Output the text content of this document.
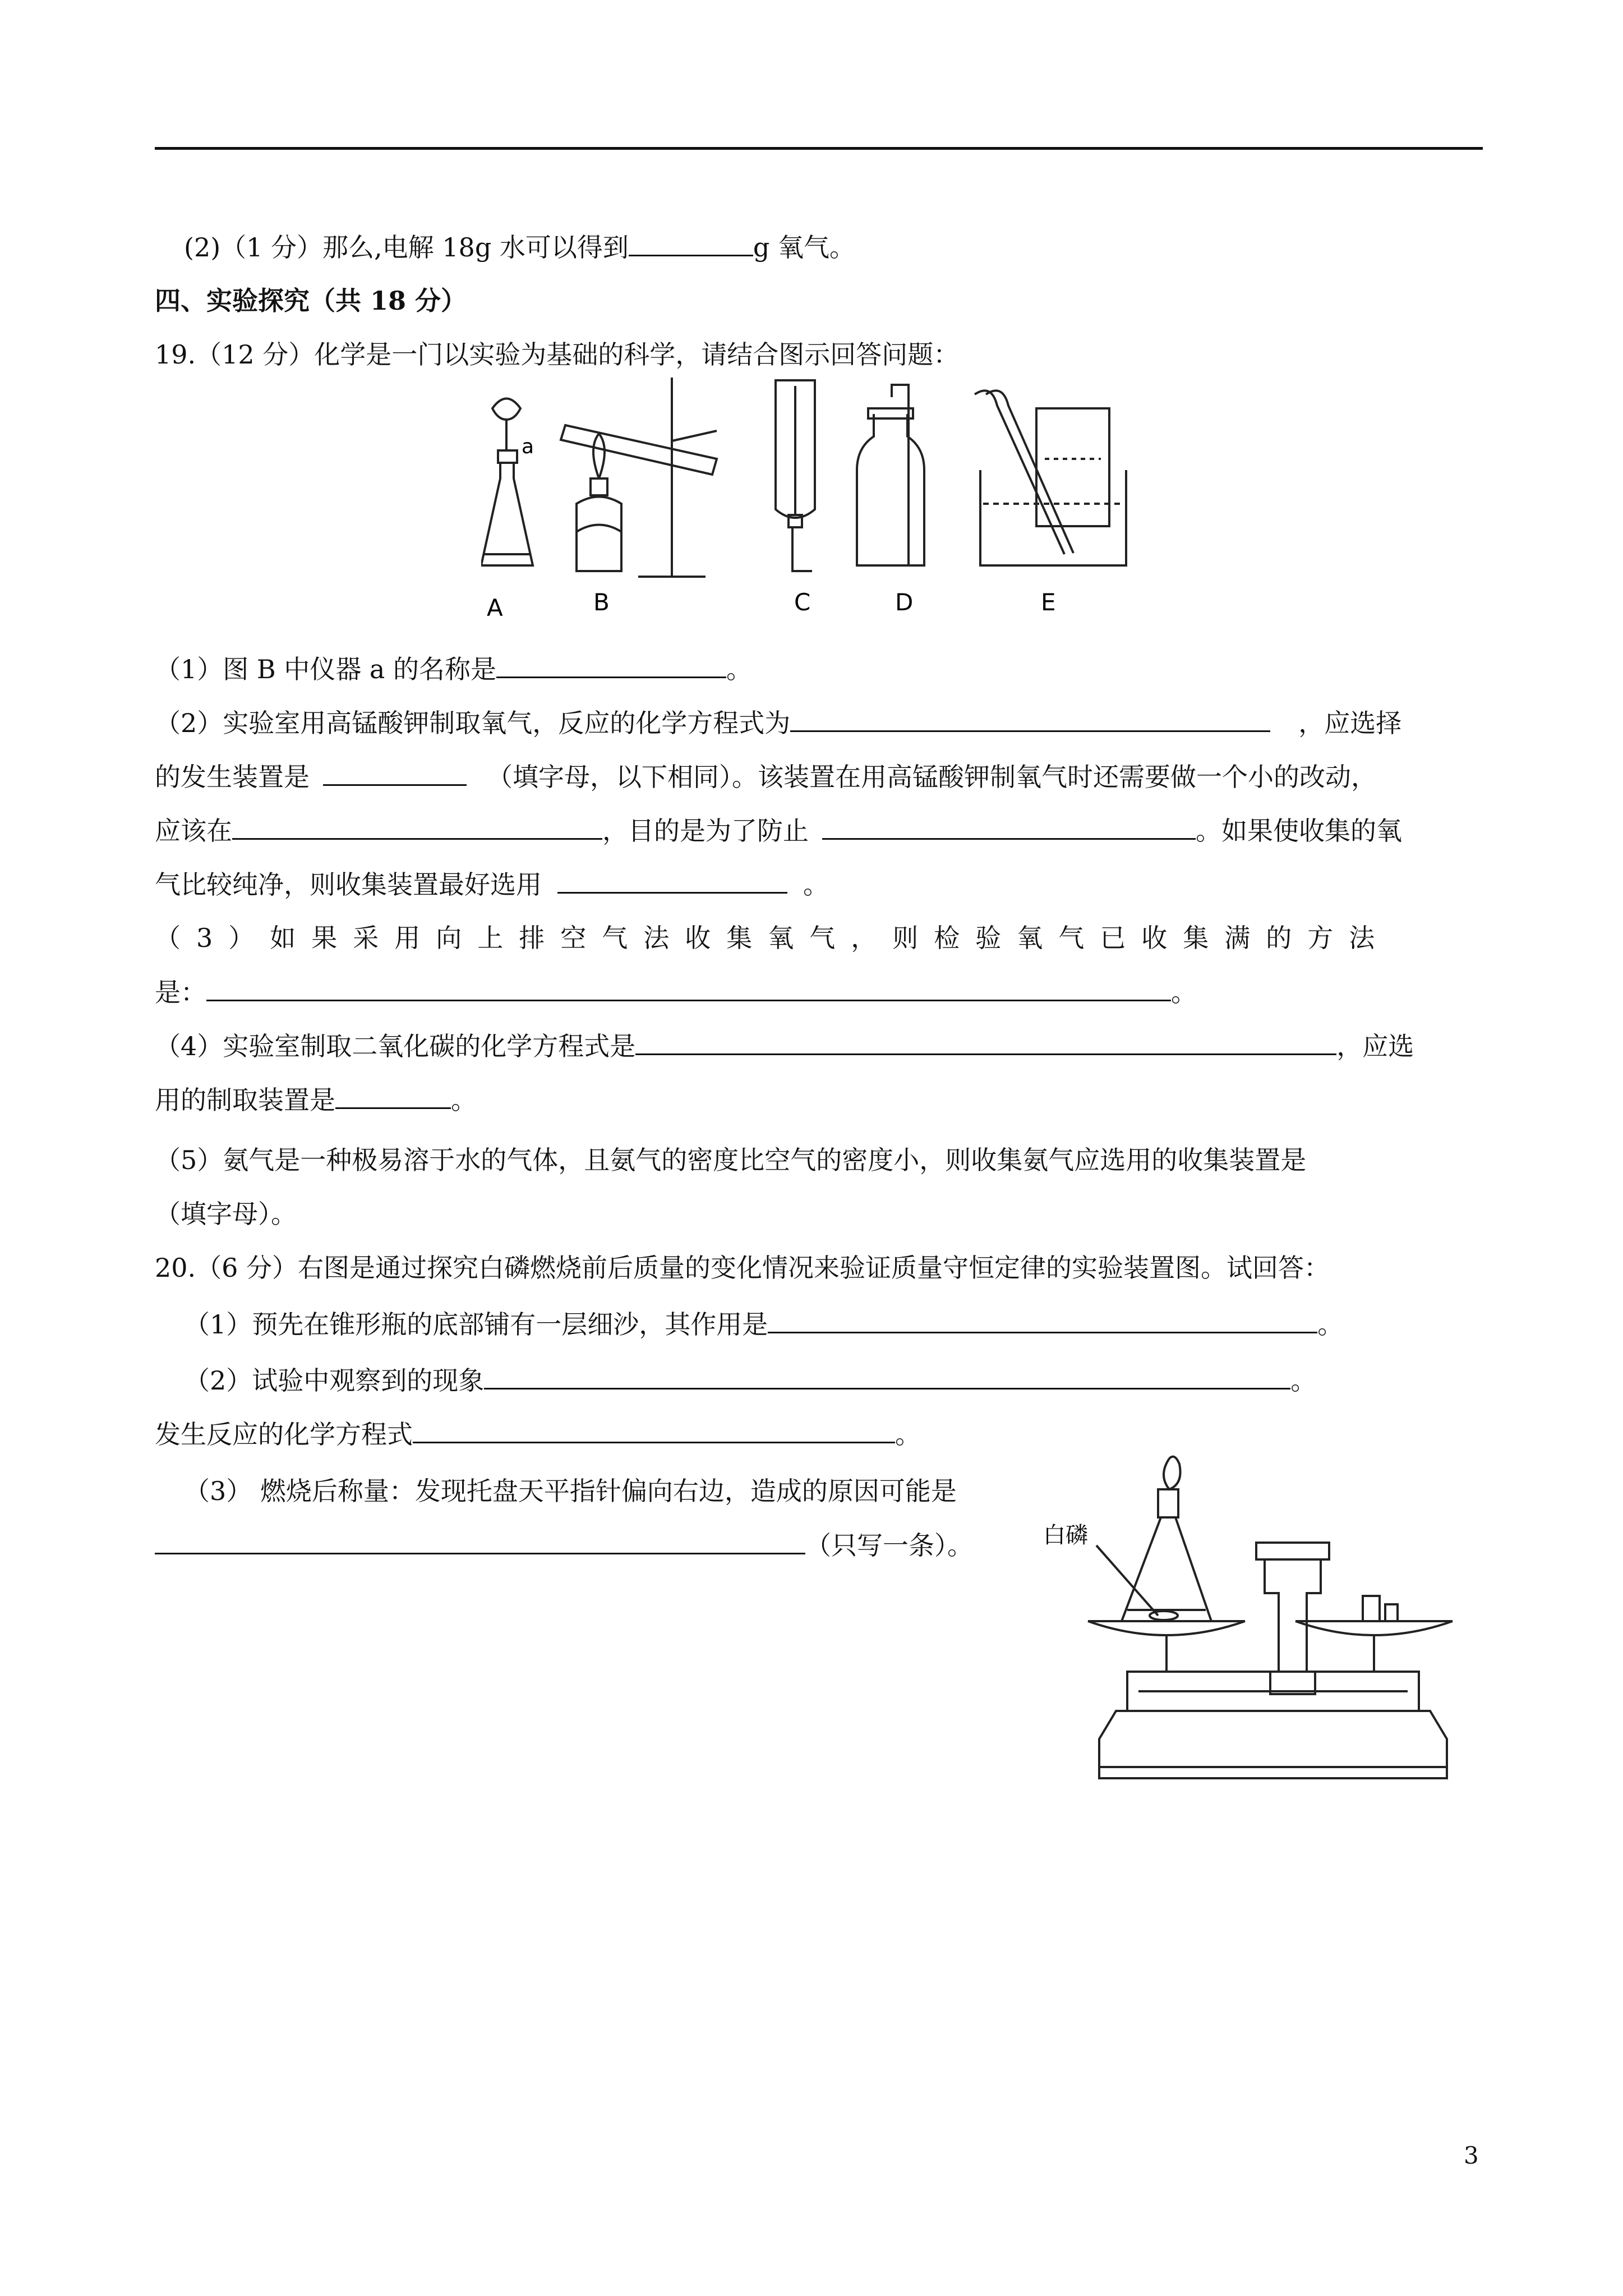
(2)（1 分）那么,电解 18g 水可以得到	g 氧气。
四、实验探究（共 18 分）
19.（12 分）化学是一门以实验为基础的科学，请结合图示回答问题：
a
A	B	C	D	E
（1）图 B 中仪器 a 的名称是	。
（2）实验室用高锰酸钾制取氧气，反应的化学方程式为	，应选择
的发生装置是	（填字母，以下相同）。该装置在用高锰酸钾制氧气时还需要做一个小的改动，
应该在	，目的是为了防止	。如果使收集的氧
气比较纯净，则收集装置最好选用	。
（3）如果采用向上排空气法收集氧气，则检验氧气已收集满的方法
是：	。
（4）实验室制取二氧化碳的化学方程式是	，应选
用的制取装置是	。
（5）氨气是一种极易溶于水的气体，且氨气的密度比空气的密度小，则收集氨气应选用的收集装置是
（填字母）。
20.（6 分）右图是通过探究白磷燃烧前后质量的变化情况来验证质量守恒定律的实验装置图。试回答：
（1）预先在锥形瓶的底部铺有一层细沙，其作用是	。
（2）试验中观察到的现象	。
发生反应的化学方程式	。
（3） 燃烧后称量：发现托盘天平指针偏向右边，造成的原因可能是
（只写一条）。	白磷
3
